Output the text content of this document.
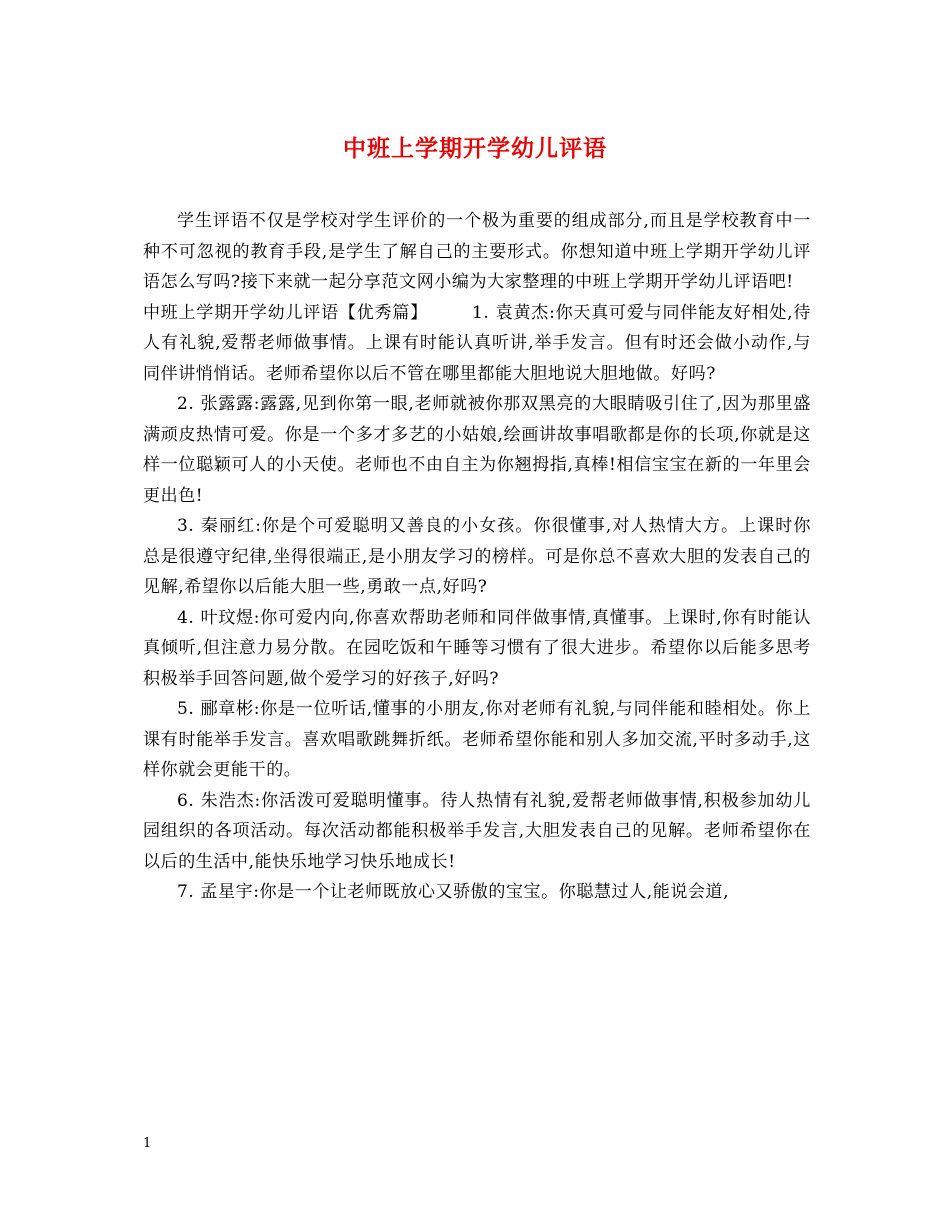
中班上学期开学幼儿评语

学生评语不仅是学校对学生评价的一个极为重要的组成部分,而且是学校教育中一种不可忽视的教育手段,是学生了解自己的主要形式。你想知道中班上学期开学幼儿评语怎么写吗?接下来就一起分享范文网小编为大家整理的中班上学期开学幼儿评语吧!

中班上学期开学幼儿评语【优秀篇】	1. 袁黄杰:你天真可爱与同伴能友好相处,待人有礼貌,爱帮老师做事情。上课有时能认真听讲,举手发言。但有时还会做小动作,与同伴讲悄悄话。老师希望你以后不管在哪里都能大胆地说大胆地做。好吗?

2. 张露露:露露,见到你第一眼,老师就被你那双黑亮的大眼睛吸引住了,因为那里盛满顽皮热情可爱。你是一个多才多艺的小姑娘,绘画讲故事唱歌都是你的长项,你就是这样一位聪颖可人的小天使。老师也不由自主为你翘拇指,真棒!相信宝宝在新的一年里会更出色!

3. 秦丽红:你是个可爱聪明又善良的小女孩。你很懂事,对人热情大方。上课时你总是很遵守纪律,坐得很端正,是小朋友学习的榜样。可是你总不喜欢大胆的发表自己的见解,希望你以后能大胆一些,勇敢一点,好吗?

4. 叶玟煜:你可爱内向,你喜欢帮助老师和同伴做事情,真懂事。上课时,你有时能认真倾听,但注意力易分散。在园吃饭和午睡等习惯有了很大进步。希望你以后能多思考积极举手回答问题,做个爱学习的好孩子,好吗?

5. 郦章彬:你是一位听话,懂事的小朋友,你对老师有礼貌,与同伴能和睦相处。你上课有时能举手发言。喜欢唱歌跳舞折纸。老师希望你能和别人多加交流,平时多动手,这样你就会更能干的。

6. 朱浩杰:你活泼可爱聪明懂事。待人热情有礼貌,爱帮老师做事情,积极参加幼儿园组织的各项活动。每次活动都能积极举手发言,大胆发表自己的见解。老师希望你在以后的生活中,能快乐地学习快乐地成长!

7. 孟星宇:你是一个让老师既放心又骄傲的宝宝。你聪慧过人,能说会道,

1
